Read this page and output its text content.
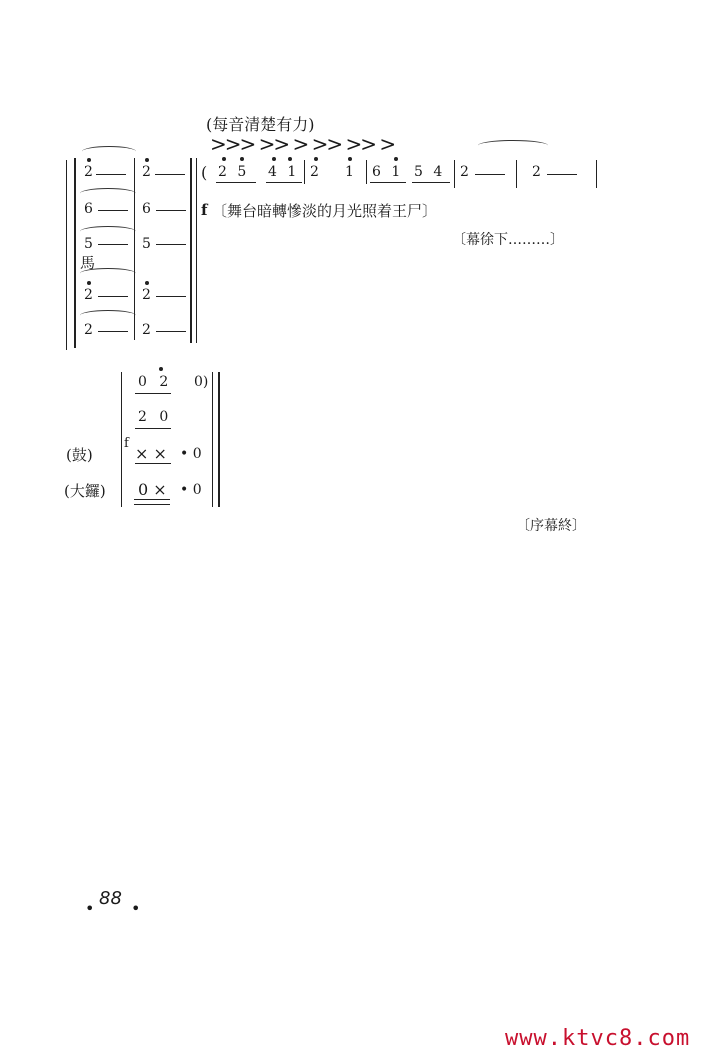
(每音清楚有力)
>>> >> > >> >> >
2	2
6	6
5	5
馬
2	2
2	2
( 2 5 4 1 2 1 6 1 5 4 2	2
f 〔舞台暗轉慘淡的月光照着王尸〕
〔幕徐下………〕
0 2 0)
2 0
(鼓)
f
× × • 0
(大鑼) 0 × • 0
〔序幕終〕
• 88 •
www.ktvc8.com
